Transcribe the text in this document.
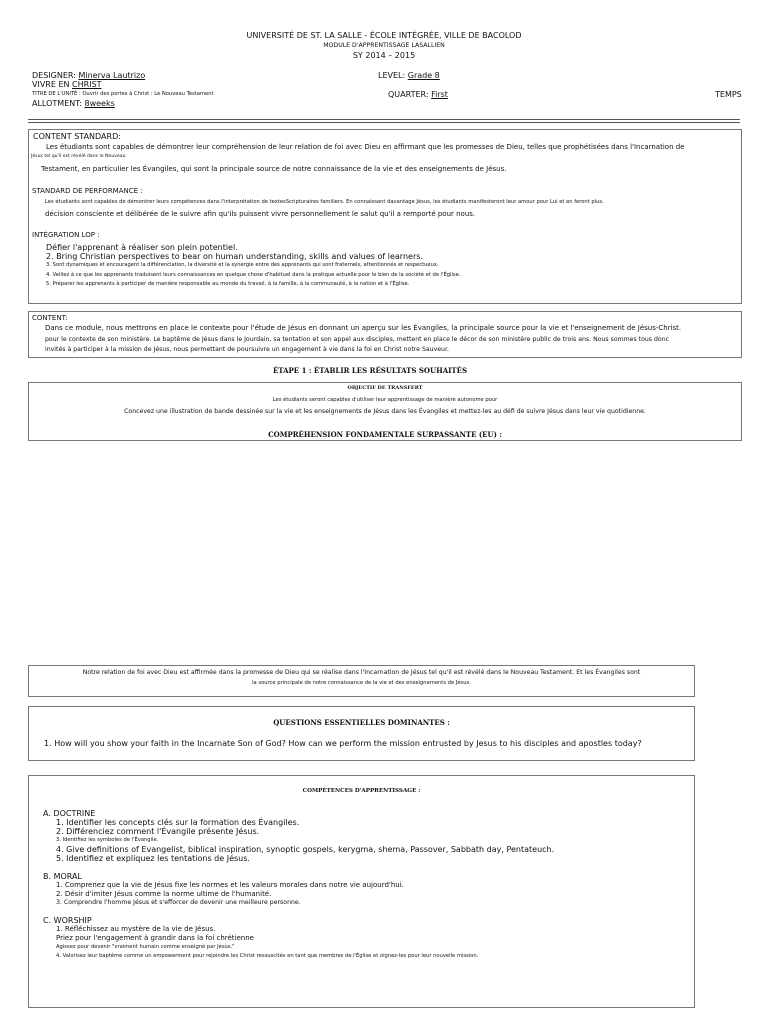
UNIVERSITÉ DE ST. LA SALLE - ÉCOLE INTÉGRÉE, VILLE DE BACOLOD
MODULE D'APPRENTISSAGE LASALLIEN
SY 2014 – 2015
DESIGNER: Minerva Lautrizo
VIVRE EN CHRIST
TITRE DE L'UNITÉ : Ouvrir des portes à Christ : Le Nouveau Testament
ALLOTMENT: 8weeks
LEVEL: Grade 8
QUARTER: First	TEMPS
CONTENT STANDARD:
Les étudiants sont capables de démontrer leur compréhension de leur relation de foi avec Dieu en affirmant que les promesses de Dieu, telles que prophétisées dans l'Incarnation de
Jésus tel qu'il est révélé dans le Nouveau
Testament, en particulier les Évangiles, qui sont la principale source de notre connaissance de la vie et des enseignements de Jésus.
STANDARD DE PERFORMANCE :
Les étudiants sont capables de démontrer leurs compétences dans l'interprétation de textesScripturaires familiers. En connaissant davantage Jésus, les étudiants manifesteront leur amour pour Lui et en feront plus.
décision consciente et délibérée de le suivre afin qu'ils puissent vivre personnellement le salut qu'il a remporté pour nous.
INTÉGRATION LOP :
Défier l'apprenant à réaliser son plein potentiel.
2. Bring Christian perspectives to bear on human understanding, skills and values of learners.
3. Sont dynamiques et encouragent la différenciation, la diversité et la synergie entre des apprenants qui sont fraternels, attentionnés et respectueux.
4. Veillez à ce que les apprenants traduisent leurs connaissances en quelque chose d'habituel dans la pratique actuelle pour le bien de la société et de l'Église.
5. Préparer les apprenants à participer de manière responsable au monde du travail, à la famille, à la communauté, à la nation et à l'Église.
CONTENT:
Dans ce module, nous mettrons en place le contexte pour l'étude de Jésus en donnant un aperçu sur les Évangiles, la principale source pour la vie et l'enseignement de Jésus-Christ.
pour le contexte de son ministère. Le baptême de Jésus dans le Jourdain, sa tentation et son appel aux disciples, mettent en place le décor de son ministère public de trois ans. Nous sommes tous donc
invités à participer à la mission de Jésus, nous permettant de poursuivre un engagement à vie dans la foi en Christ notre Sauveur.
ÉTAPE 1 : ÉTABLIR LES RÉSULTATS SOUHAITÉS
OBJECTIF DE TRANSFERT
Les étudiants seront capables d'utiliser leur apprentissage de manière autonome pour
Concevez une illustration de bande dessinée sur la vie et les enseignements de Jésus dans les Évangiles et mettez-les au défi de suivre Jésus dans leur vie quotidienne.
COMPRÉHENSION FONDAMENTALE SURPASSANTE (EU) :
Notre relation de foi avec Dieu est affirmée dans la promesse de Dieu qui se réalise dans l'Incarnation de Jésus tel qu'il est révélé dans le Nouveau Testament. Et les Évangiles sont
la source principale de notre connaissance de la vie et des enseignements de Jésus.
QUESTIONS ESSENTIELLES DOMINANTES :
1. How will you show your faith in the Incarnate Son of God? How can we perform the mission entrusted by Jesus to his disciples and apostles today?
COMPÉTENCES D'APPRENTISSAGE :
A. DOCTRINE
1. Identifier les concepts clés sur la formation des Évangiles.
2. Différenciez comment l'Évangile présente Jésus.
3. Identifiez les symboles de l'Évangile.
4. Give definitions of Evangelist, biblical inspiration, synoptic gospels, kerygma, shema, Passover, Sabbath day, Pentateuch.
5. Identifiez et expliquez les tentations de Jésus.
B. MORAL
1. Comprenez que la vie de Jésus fixe les normes et les valeurs morales dans notre vie aujourd'hui.
2. Désir d'imiter Jésus comme la norme ultime de l'humanité.
3. Comprendre l'homme Jésus et s'efforcer de devenir une meilleure personne.
C. WORSHIP
1. Réfléchissez au mystère de la vie de Jésus.
Priez pour l'engagement à grandir dans la foi chrétienne
Agissez pour devenir "vraiment humain comme enseigné par Jésus."
4. Valorisez leur baptême comme un empowerment pour rejoindre les Christ ressuscités en tant que membres de l'Église et oignez-les pour leur nouvelle mission.
